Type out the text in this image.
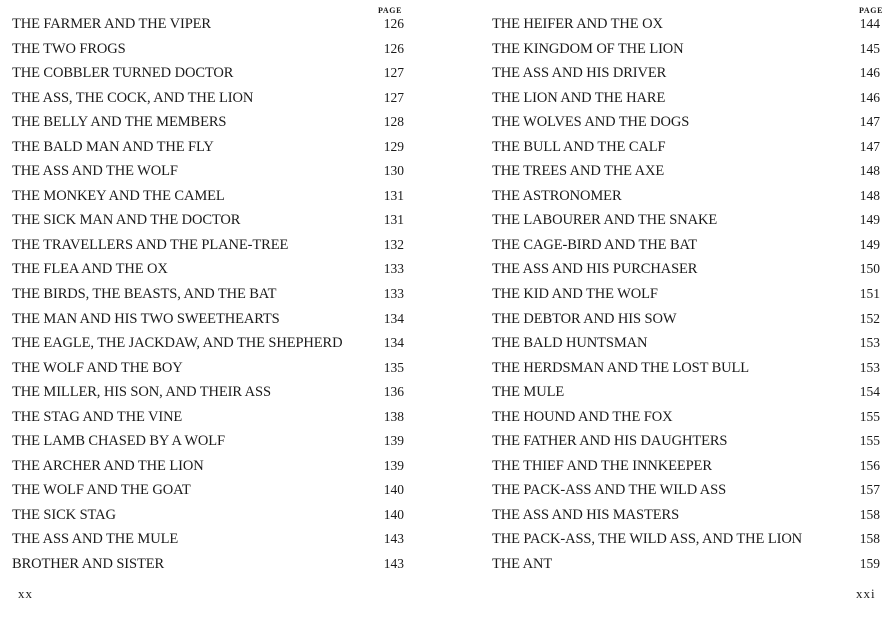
PAGE
THE FARMER AND THE VIPER	126
THE TWO FROGS	126
THE COBBLER TURNED DOCTOR	127
THE ASS, THE COCK, AND THE LION	127
THE BELLY AND THE MEMBERS	128
THE BALD MAN AND THE FLY	129
THE ASS AND THE WOLF	130
THE MONKEY AND THE CAMEL	131
THE SICK MAN AND THE DOCTOR	131
THE TRAVELLERS AND THE PLANE-TREE	132
THE FLEA AND THE OX	133
THE BIRDS, THE BEASTS, AND THE BAT	133
THE MAN AND HIS TWO SWEETHEARTS	134
THE EAGLE, THE JACKDAW, AND THE SHEPHERD	134
THE WOLF AND THE BOY	135
THE MILLER, HIS SON, AND THEIR ASS	136
THE STAG AND THE VINE	138
THE LAMB CHASED BY A WOLF	139
THE ARCHER AND THE LION	139
THE WOLF AND THE GOAT	140
THE SICK STAG	140
THE ASS AND THE MULE	143
BROTHER AND SISTER	143
xx
PAGE
THE HEIFER AND THE OX	144
THE KINGDOM OF THE LION	145
THE ASS AND HIS DRIVER	146
THE LION AND THE HARE	146
THE WOLVES AND THE DOGS	147
THE BULL AND THE CALF	147
THE TREES AND THE AXE	148
THE ASTRONOMER	148
THE LABOURER AND THE SNAKE	149
THE CAGE-BIRD AND THE BAT	149
THE ASS AND HIS PURCHASER	150
THE KID AND THE WOLF	151
THE DEBTOR AND HIS SOW	152
THE BALD HUNTSMAN	153
THE HERDSMAN AND THE LOST BULL	153
THE MULE	154
THE HOUND AND THE FOX	155
THE FATHER AND HIS DAUGHTERS	155
THE THIEF AND THE INNKEEPER	156
THE PACK-ASS AND THE WILD ASS	157
THE ASS AND HIS MASTERS	158
THE PACK-ASS, THE WILD ASS, AND THE LION	158
THE ANT	159
xxi
